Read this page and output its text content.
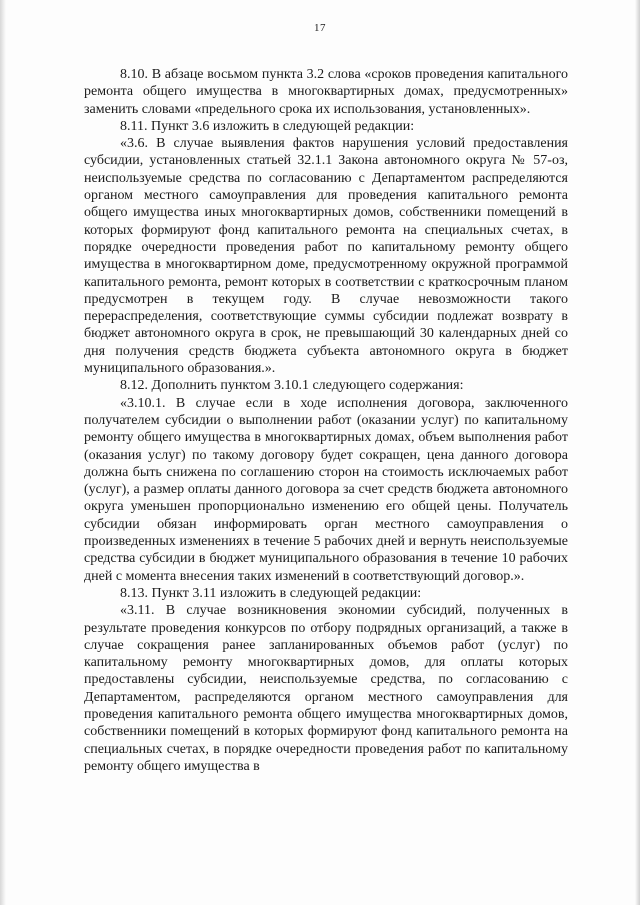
17

8.10. В абзаце восьмом пункта 3.2 слова «сроков проведения капитального ремонта общего имущества в многоквартирных домах, предусмотренных» заменить словами «предельного срока их использования, установленных».

8.11. Пункт 3.6 изложить в следующей редакции:

«3.6. В случае выявления фактов нарушения условий предоставления субсидии, установленных статьей 32.1.1 Закона автономного округа № 57-оз, неиспользуемые средства по согласованию с Департаментом распределяются органом местного самоуправления для проведения капитального ремонта общего имущества иных многоквартирных домов, собственники помещений в которых формируют фонд капитального ремонта на специальных счетах, в порядке очередности проведения работ по капитальному ремонту общего имущества в многоквартирном доме, предусмотренному окружной программой капитального ремонта, ремонт которых в соответствии с краткосрочным планом предусмотрен в текущем году. В случае невозможности такого перераспределения, соответствующие суммы субсидии подлежат возврату в бюджет автономного округа в срок, не превышающий 30 календарных дней со дня получения средств бюджета субъекта автономного округа в бюджет муниципального образования.».

8.12. Дополнить пунктом 3.10.1 следующего содержания:

«3.10.1. В случае если в ходе исполнения договора, заключенного получателем субсидии о выполнении работ (оказании услуг) по капитальному ремонту общего имущества в многоквартирных домах, объем выполнения работ (оказания услуг) по такому договору будет сокращен, цена данного договора должна быть снижена по соглашению сторон на стоимость исключаемых работ (услуг), а размер оплаты данного договора за счет средств бюджета автономного округа уменьшен пропорционально изменению его общей цены. Получатель субсидии обязан информировать орган местного самоуправления о произведенных изменениях в течение 5 рабочих дней и вернуть неиспользуемые средства субсидии в бюджет муниципального образования в течение 10 рабочих дней с момента внесения таких изменений в соответствующий договор.».

8.13. Пункт 3.11 изложить в следующей редакции:

«3.11. В случае возникновения экономии субсидий, полученных в результате проведения конкурсов по отбору подрядных организаций, а также в случае сокращения ранее запланированных объемов работ (услуг) по капитальному ремонту многоквартирных домов, для оплаты которых предоставлены субсидии, неиспользуемые средства, по согласованию с Департаментом, распределяются органом местного самоуправления для проведения капитального ремонта общего имущества многоквартирных домов, собственники помещений в которых формируют фонд капитального ремонта на специальных счетах, в порядке очередности проведения работ по капитальному ремонту общего имущества в
